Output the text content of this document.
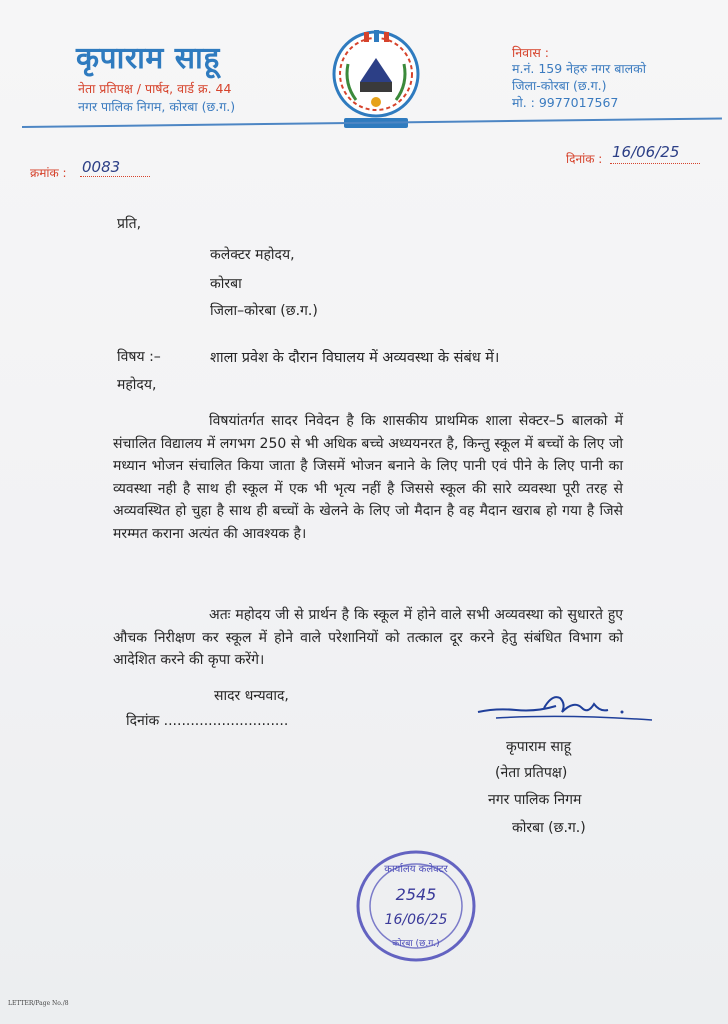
कृपाराम साहू
नेता प्रतिपक्ष / पार्षद, वार्ड क्र. 44
नगर पालिक निगम, कोरबा (छ.ग.)
निवास :
म.नं. 159 नेहरु नगर बालको
जिला-कोरबा (छ.ग.)
मो. : 9977017567
क्रमांक : 0083	दिनांक : 16/06/25
प्रति,
कलेक्टर महोदय,
कोरबा
जिला–कोरबा (छ.ग.)
विषय :–	शाला प्रवेश के दौरान विघालय में अव्यवस्था के संबंध में।
महोदय,
विषयांतर्गत सादर निवेदन है कि शासकीय प्राथमिक शाला सेक्टर–5 बालको में संचालित विद्यालय में लगभग 250 से भी अधिक बच्चे अध्ययनरत है, किन्तु स्कूल में बच्चों के लिए जो मध्यान भोजन संचालित किया जाता है जिसमें भोजन बनाने के लिए पानी एवं पीने के लिए पानी का व्यवस्था नही है साथ ही स्कूल में एक भी भृत्य नहीं है जिससे स्कूल की सारे व्यवस्था पूरी तरह से अव्यवस्थित हो चुहा है साथ ही बच्चों के खेलने के लिए जो मैदान है वह मैदान खराब हो गया है जिसे मरम्मत कराना अत्यंत की आवश्यक है।
अतः महोदय जी से प्रार्थन है कि स्कूल में होने वाले सभी अव्यवस्था को सुधारते हुए औचक निरीक्षण कर स्कूल में होने वाले परेशानियों को तत्काल दूर करने हेतु संबंधित विभाग को आदेशित करने की कृपा करेंगे।
सादर धन्यवाद,
दिनांक ............................
कृपाराम साहू
(नेता प्रतिपक्ष)
नगर पालिक निगम
कोरबा (छ.ग.)
कार्यालय कलेक्टर
2545
16/06/25
कोरबा (छ.ग.)
LETTER/Page No./8
